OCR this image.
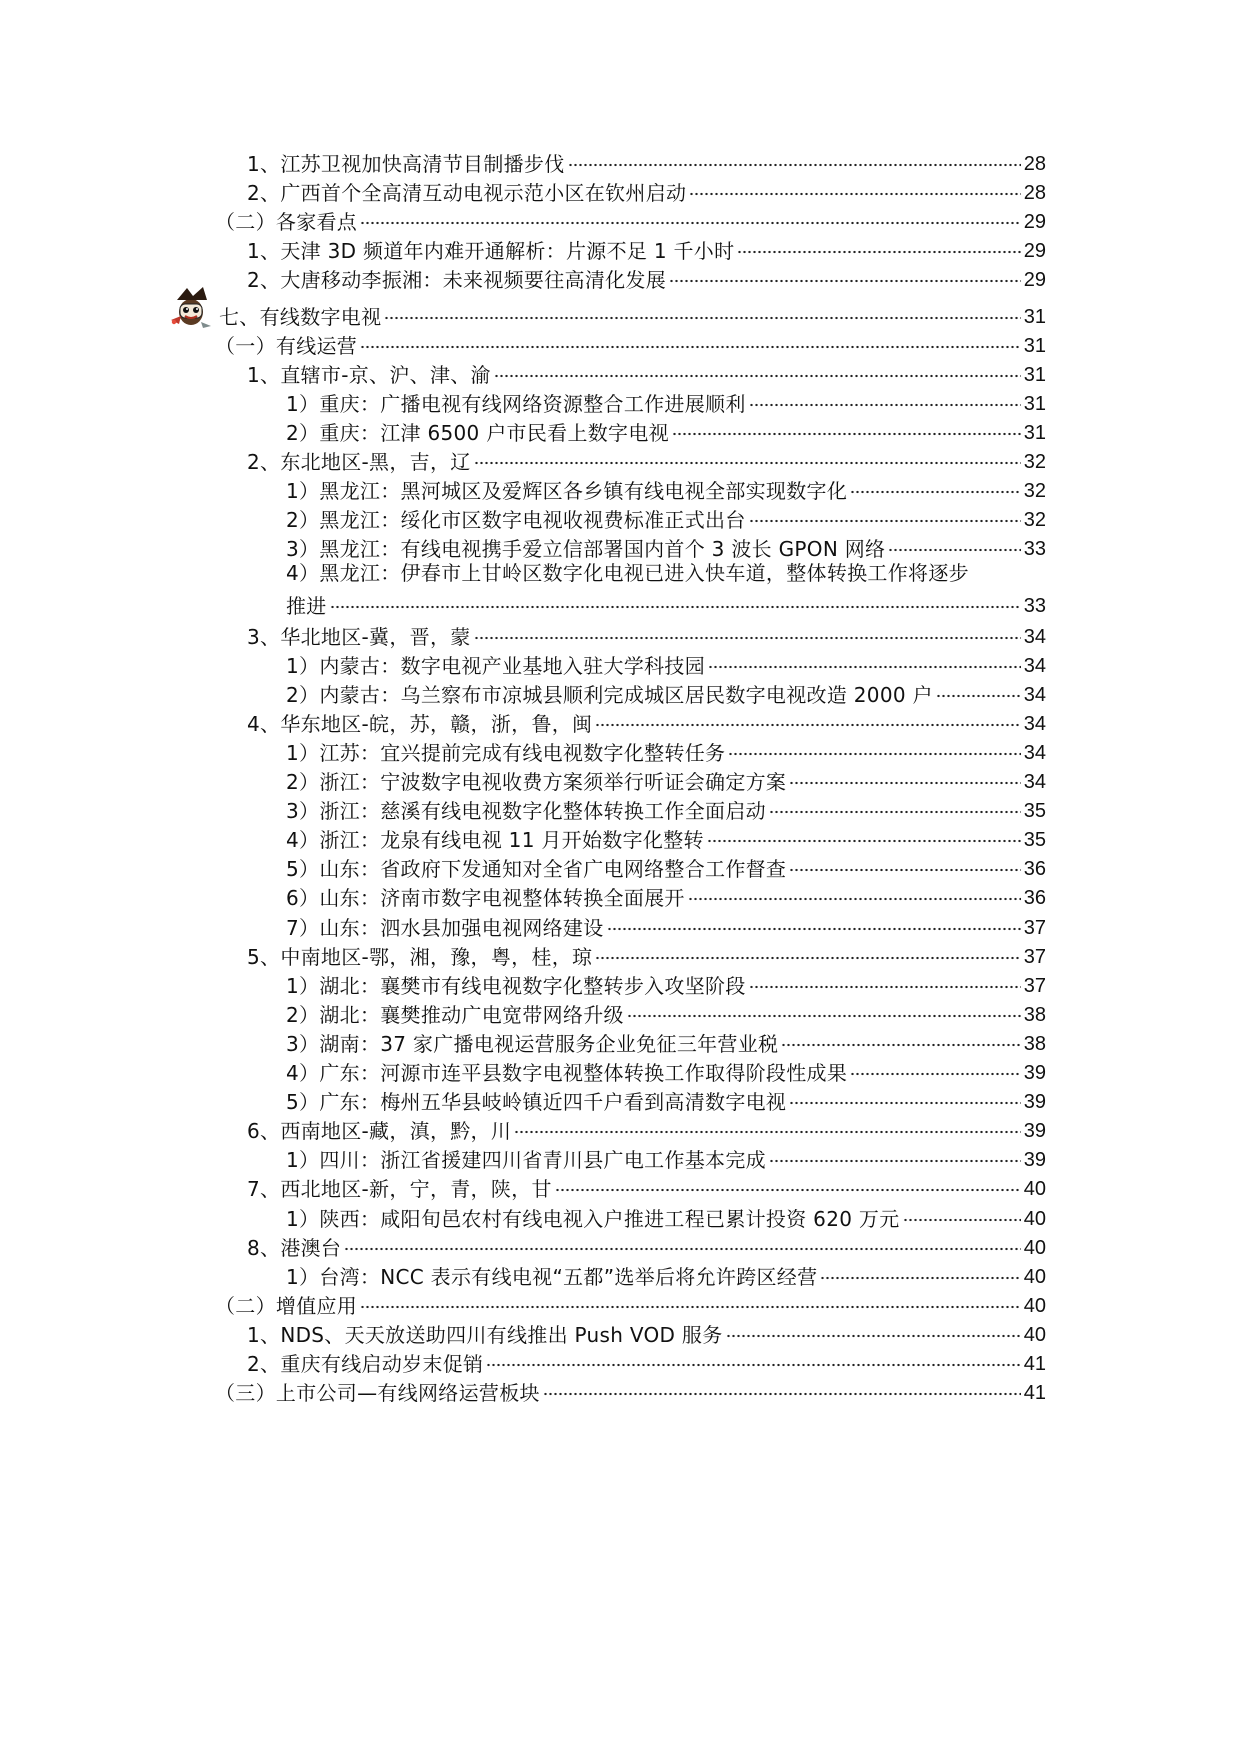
1、江苏卫视加快高清节目制播步伐	28
2、广西首个全高清互动电视示范小区在钦州启动	28
（二）各家看点	29
1、天津 3D 频道年内难开通解析：片源不足 1 千小时	29
2、大唐移动李振湘：未来视频要往高清化发展	29
七、有线数字电视	31
（一）有线运营	31
1、直辖市-京、沪、津、渝	31
1）重庆：广播电视有线网络资源整合工作进展顺利	31
2）重庆：江津 6500 户市民看上数字电视	31
2、东北地区-黑，吉，辽	32
1）黑龙江：黑河城区及爱辉区各乡镇有线电视全部实现数字化	32
2）黑龙江：绥化市区数字电视收视费标准正式出台	32
3）黑龙江：有线电视携手爱立信部署国内首个 3 波长 GPON 网络	33
4）黑龙江：伊春市上甘岭区数字化电视已进入快车道，整体转换工作将逐步
推进	33
3、华北地区-冀，晋，蒙	34
1）内蒙古：数字电视产业基地入驻大学科技园	34
2）内蒙古：乌兰察布市凉城县顺利完成城区居民数字电视改造 2000 户	34
4、华东地区-皖，苏，赣，浙，鲁，闽	34
1）江苏：宜兴提前完成有线电视数字化整转任务	34
2）浙江：宁波数字电视收费方案须举行听证会确定方案	34
3）浙江：慈溪有线电视数字化整体转换工作全面启动	35
4）浙江：龙泉有线电视 11 月开始数字化整转	35
5）山东：省政府下发通知对全省广电网络整合工作督查	36
6）山东：济南市数字电视整体转换全面展开	36
7）山东：泗水县加强电视网络建设	37
5、中南地区-鄂，湘，豫，粤，桂，琼	37
1）湖北：襄樊市有线电视数字化整转步入攻坚阶段	37
2）湖北：襄樊推动广电宽带网络升级	38
3）湖南：37 家广播电视运营服务企业免征三年营业税	38
4）广东：河源市连平县数字电视整体转换工作取得阶段性成果	39
5）广东：梅州五华县岐岭镇近四千户看到高清数字电视	39
6、西南地区-藏，滇，黔，川	39
1）四川：浙江省援建四川省青川县广电工作基本完成	39
7、西北地区-新，宁，青，陕，甘	40
1）陕西：咸阳旬邑农村有线电视入户推进工程已累计投资 620 万元	40
8、港澳台	40
1）台湾：NCC 表示有线电视“五都”选举后将允许跨区经营	40
（二）增值应用	40
1、NDS、天天放送助四川有线推出 Push VOD 服务	40
2、重庆有线启动岁末促销	41
（三）上市公司—有线网络运营板块	41
